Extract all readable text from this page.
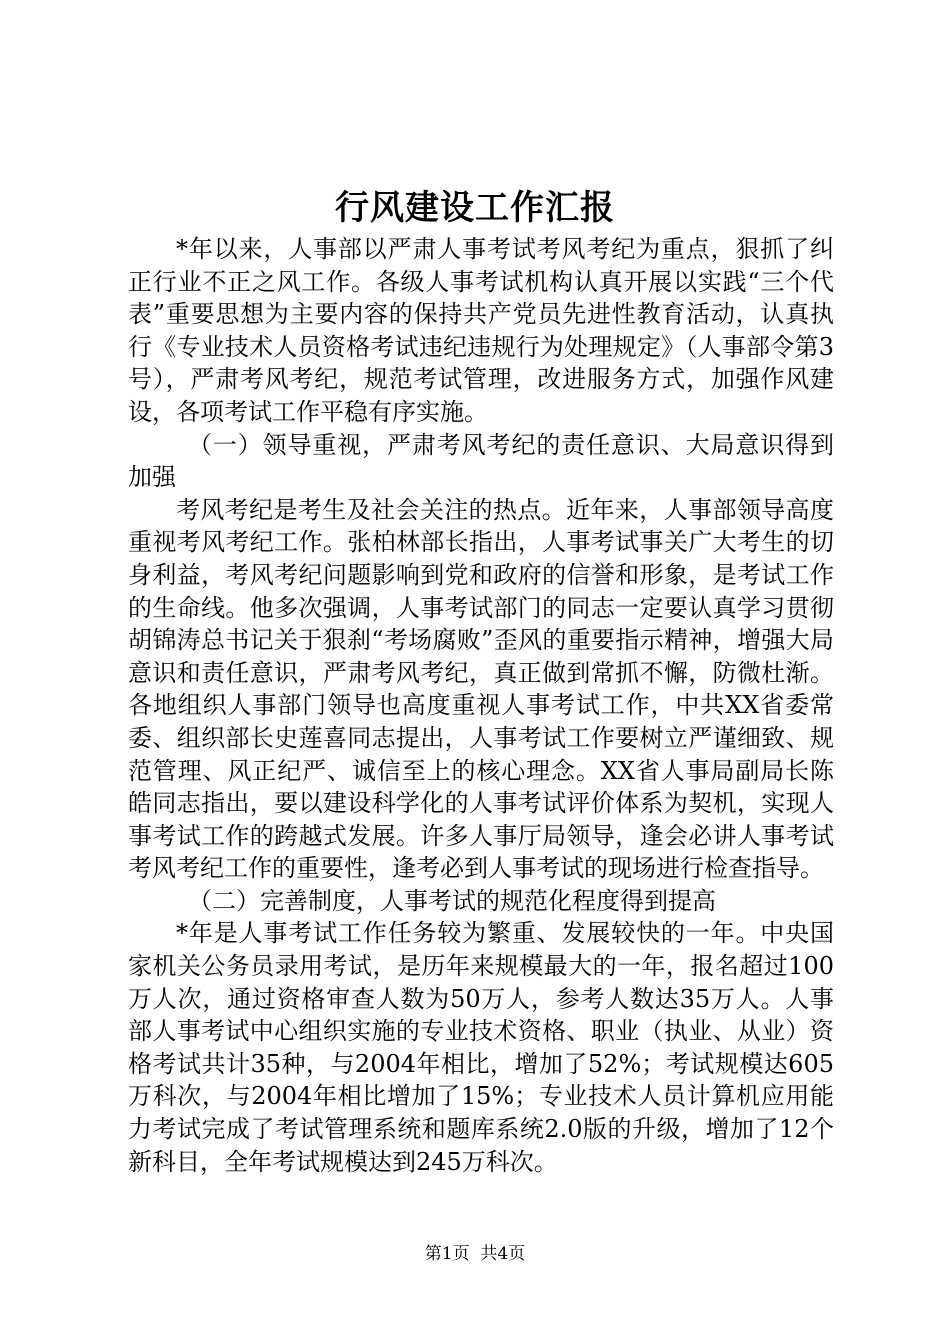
行风建设工作汇报

*年以来，人事部以严肃人事考试考风考纪为重点，狠抓了纠正行业不正之风工作。各级人事考试机构认真开展以实践“三个代表”重要思想为主要内容的保持共产党员先进性教育活动，认真执行《专业技术人员资格考试违纪违规行为处理规定》（人事部令第3号），严肃考风考纪，规范考试管理，改进服务方式，加强作风建设，各项考试工作平稳有序实施。

（一）领导重视，严肃考风考纪的责任意识、大局意识得到加强

考风考纪是考生及社会关注的热点。近年来，人事部领导高度重视考风考纪工作。张柏林部长指出，人事考试事关广大考生的切身利益，考风考纪问题影响到党和政府的信誉和形象，是考试工作的生命线。他多次强调，人事考试部门的同志一定要认真学习贯彻胡锦涛总书记关于狠刹“考场腐败”歪风的重要指示精神，增强大局意识和责任意识，严肃考风考纪，真正做到常抓不懈，防微杜渐。各地组织人事部门领导也高度重视人事考试工作，中共XX省委常委、组织部长史莲喜同志提出，人事考试工作要树立严谨细致、规范管理、风正纪严、诚信至上的核心理念。XX省人事局副局长陈皓同志指出，要以建设科学化的人事考试评价体系为契机，实现人事考试工作的跨越式发展。许多人事厅局领导，逢会必讲人事考试考风考纪工作的重要性，逢考必到人事考试的现场进行检查指导。

（二）完善制度，人事考试的规范化程度得到提高

*年是人事考试工作任务较为繁重、发展较快的一年。中央国家机关公务员录用考试，是历年来规模最大的一年，报名超过100万人次，通过资格审查人数为50万人，参考人数达35万人。人事部人事考试中心组织实施的专业技术资格、职业（执业、从业）资格考试共计35种，与2004年相比，增加了52%；考试规模达605万科次，与2004年相比增加了15%；专业技术人员计算机应用能力考试完成了考试管理系统和题库系统2.0版的升级，增加了12个新科目，全年考试规模达到245万科次。

第1页  共4页
